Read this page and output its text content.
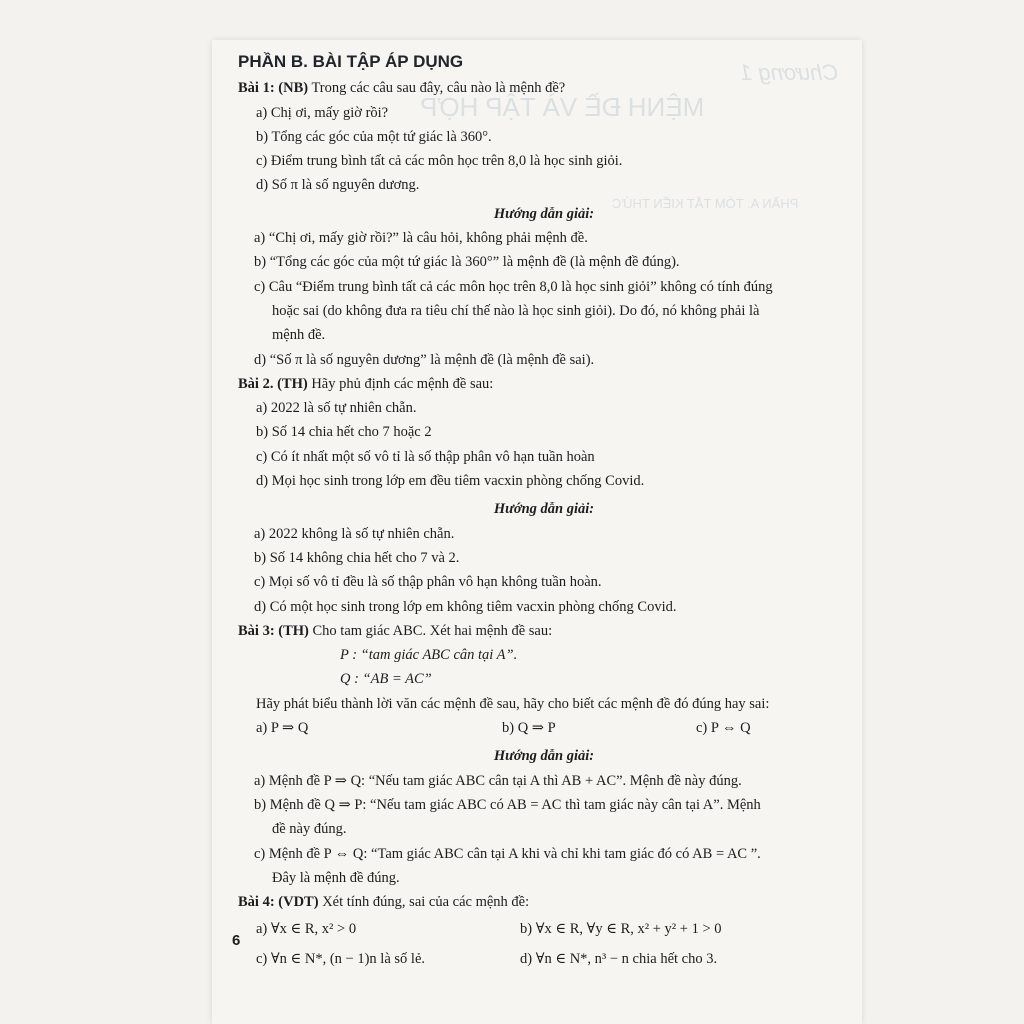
MỆNH ĐỀ VÀ TẬP HỢP
Chương 1
PHẦN A. TÓM TẮT KIẾN THỨC
PHẦN B. BÀI TẬP ÁP DỤNG
Bài 1: (NB) Trong các câu sau đây, câu nào là mệnh đề?
a) Chị ơi, mấy giờ rồi?
b) Tổng các góc của một tứ giác là 360°.
c) Điểm trung bình tất cả các môn học trên 8,0 là học sinh giỏi.
d) Số π là số nguyên dương.
Hướng dẫn giải:
a) “Chị ơi, mấy giờ rồi?” là câu hỏi, không phải mệnh đề.
b) “Tổng các góc của một tứ giác là 360°” là mệnh đề (là mệnh đề đúng).
c) Câu “Điểm trung bình tất cả các môn học trên 8,0 là học sinh giỏi” không có tính đúng
hoặc sai (do không đưa ra tiêu chí thế nào là học sinh giỏi). Do đó, nó không phải là
mệnh đề.
d) “Số π là số nguyên dương” là mệnh đề (là mệnh đề sai).
Bài 2. (TH) Hãy phủ định các mệnh đề sau:
a) 2022 là số tự nhiên chẵn.
b) Số 14 chia hết cho 7 hoặc 2
c) Có ít nhất một số vô tỉ là số thập phân vô hạn tuần hoàn
d) Mọi học sinh trong lớp em đều tiêm vacxin phòng chống Covid.
Hướng dẫn giải:
a) 2022 không là số tự nhiên chẵn.
b) Số 14 không chia hết cho 7 và 2.
c) Mọi số vô tỉ đều là số thập phân vô hạn không tuần hoàn.
d) Có một học sinh trong lớp em không tiêm vacxin phòng chống Covid.
Bài 3: (TH) Cho tam giác ABC. Xét hai mệnh đề sau:
P : “tam giác ABC cân tại A”.
Q : “AB = AC”
Hãy phát biểu thành lời văn các mệnh đề sau, hãy cho biết các mệnh đề đó đúng hay sai:
a) P ⇒ Q	b) Q ⇒ P	c) P ⇔ Q
Hướng dẫn giải:
a) Mệnh đề P ⇒ Q: “Nếu tam giác ABC cân tại A thì AB + AC”. Mệnh đề này đúng.
b) Mệnh đề Q ⇒ P: “Nếu tam giác ABC có AB = AC thì tam giác này cân tại A”. Mệnh
đề này đúng.
c) Mệnh đề P ⇔ Q: “Tam giác ABC cân tại A khi và chỉ khi tam giác đó có AB = AC ”.
Đây là mệnh đề đúng.
Bài 4: (VDT) Xét tính đúng, sai của các mệnh đề:
a) ∀x ∈ R, x² > 0	b) ∀x ∈ R, ∀y ∈ R, x² + y² + 1 > 0
c) ∀n ∈ N*, (n − 1)n là số lẻ.	d) ∀n ∈ N*, n³ − n chia hết cho 3.
6
